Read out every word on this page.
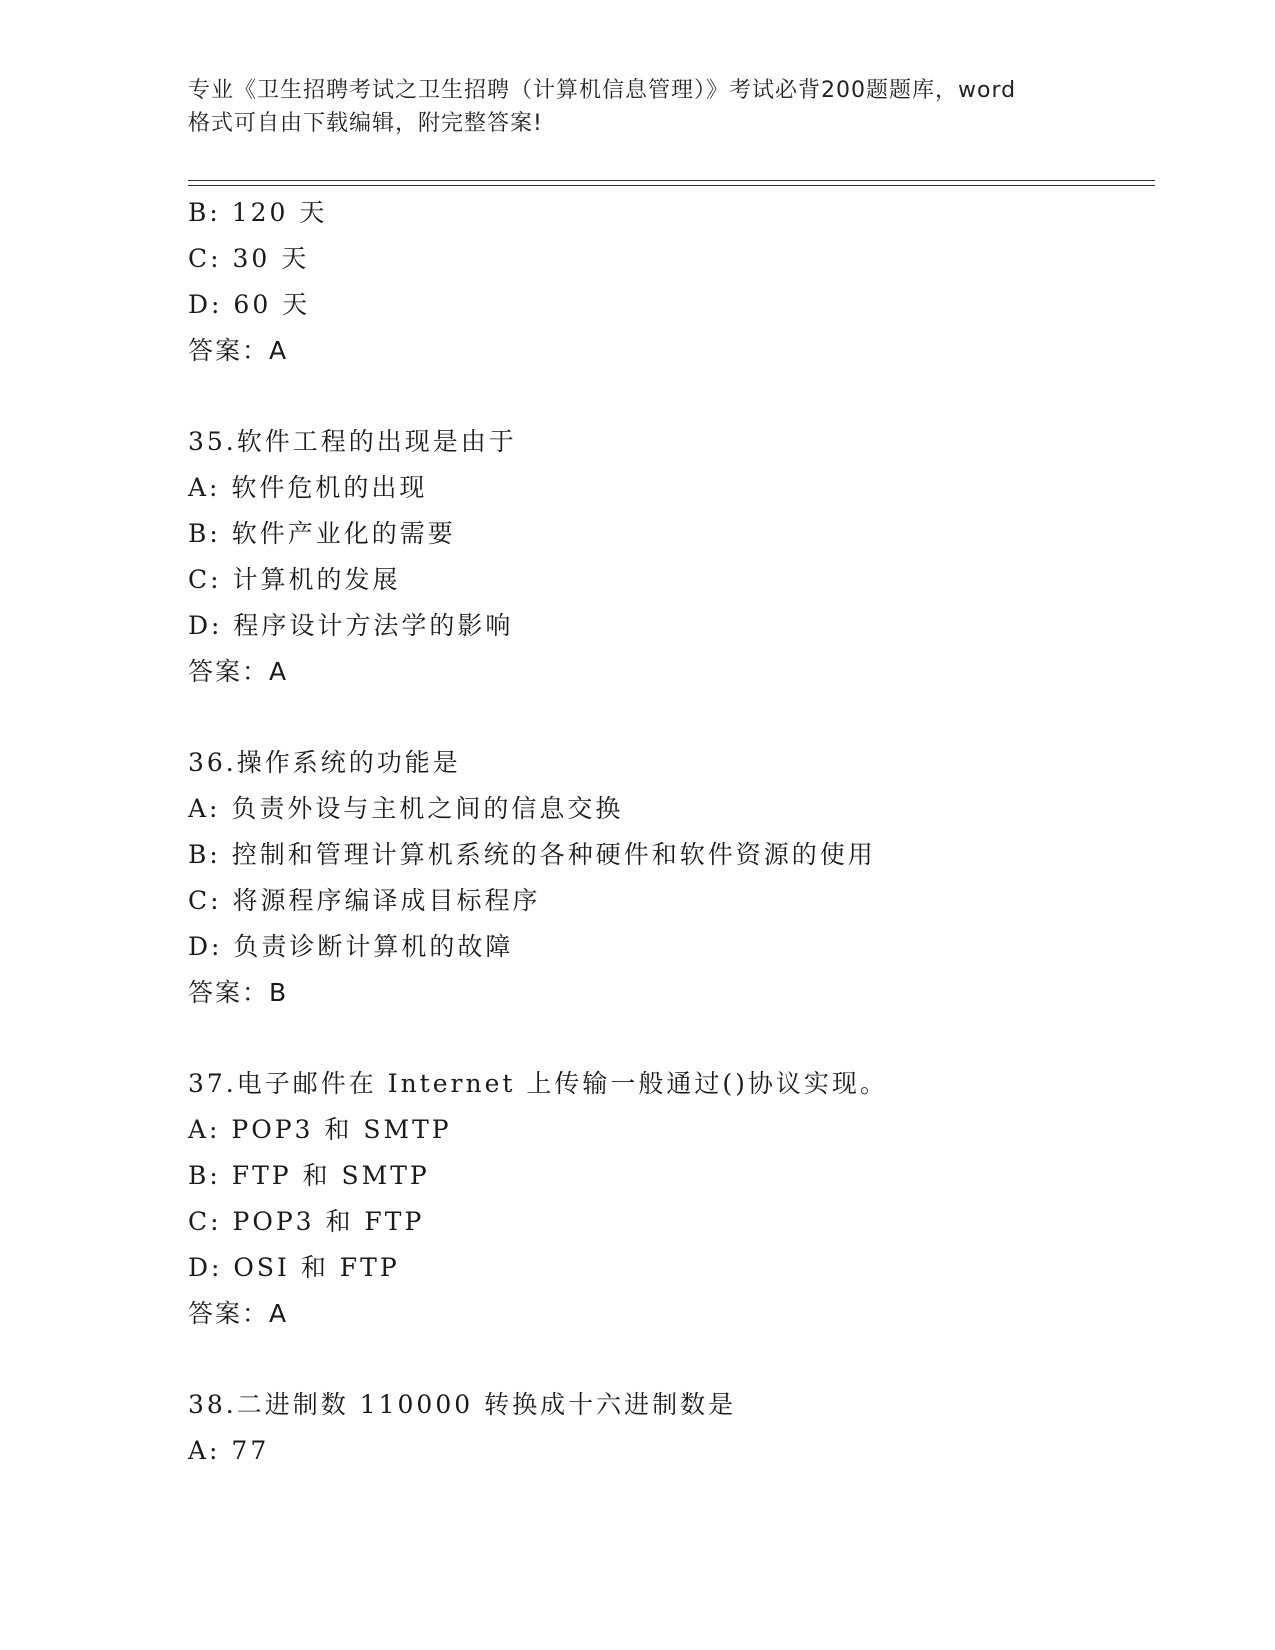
专业《卫生招聘考试之卫生招聘（计算机信息管理）》考试必背200题题库，word
格式可自由下载编辑，附完整答案!
B: 120 天
C: 30 天
D: 60 天
答案：A
35.软件工程的出现是由于
A: 软件危机的出现
B: 软件产业化的需要
C: 计算机的发展
D: 程序设计方法学的影响
答案：A
36.操作系统的功能是
A: 负责外设与主机之间的信息交换
B: 控制和管理计算机系统的各种硬件和软件资源的使用
C: 将源程序编译成目标程序
D: 负责诊断计算机的故障
答案：B
37.电子邮件在 Internet 上传输一般通过()协议实现。
A: POP3 和 SMTP
B: FTP 和 SMTP
C: POP3 和 FTP
D: OSI 和 FTP
答案：A
38.二进制数 110000 转换成十六进制数是
A: 77
